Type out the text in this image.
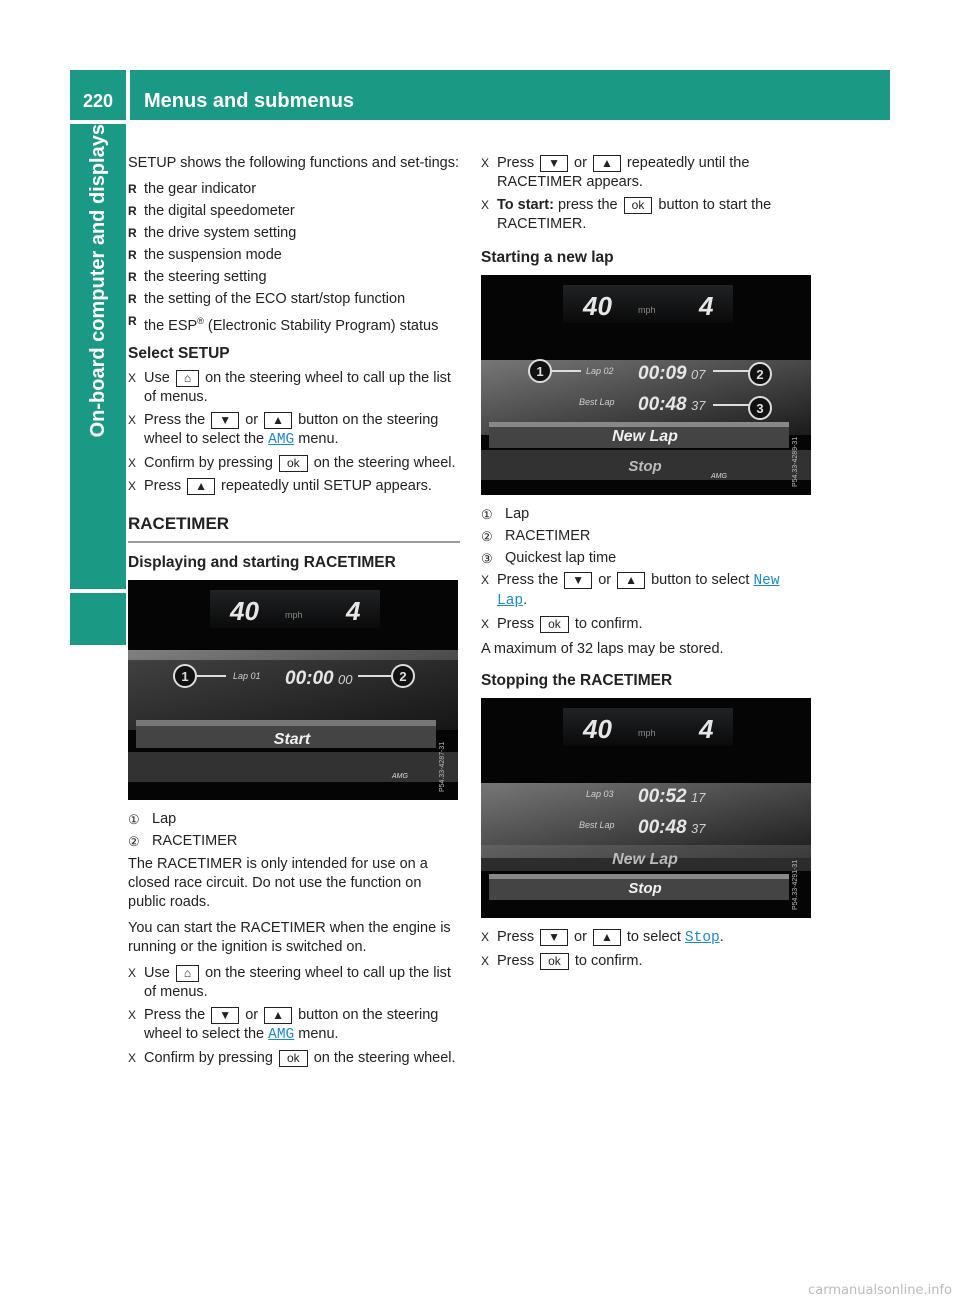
220	Menus and submenus
On-board computer and displays	SETUP shows the following functions and set-tings:

R the gear indicator
R the digital speedometer
R the drive system setting
R the suspension mode
R the steering setting
R the setting of the ECO start/stop function
R the ESP® (Electronic Stability Program) status
Select SETUP
X Use ⌂ on the steering wheel to call up the list of menus.
X Press the ▼ or ▲ button on the steering wheel to select the AMG menu.
X Confirm by pressing ok on the steering wheel.
X Press ▲ repeatedly until SETUP appears.
RACETIMER
Displaying and starting RACETIMER
40	mph 4
1	2
Lap 01 00:00 00
Start
AMG	P54.33-4287-31
① Lap
② RACETIMER

The RACETIMER is only intended for use on a closed race circuit. Do not use the function on public roads.

You can start the RACETIMER when the engine is running or the ignition is switched on.

X Use ⌂ on the steering wheel to call up the list of menus.
X Press the ▼ or ▲ button on the steering wheel to select the AMG menu.
X Confirm by pressing ok on the steering wheel.
X Press ▼ or ▲ repeatedly until the RACETIMER appears.
X To start: press the ok button to start the RACETIMER.
Starting a new lap
40	mph 4
1	2
3
Lap 02 00:09 07
Best Lap 00:48 37
New Lap
Stop
AMG	P54.33-4289-31
① Lap
② RACETIMER
③ Quickest lap time
X Press the ▼ or ▲ button to select New Lap.
X Press ok to confirm.

A maximum of 32 laps may be stored.

Stopping the RACETIMER
40	mph 4
Lap 03 00:52 17
Best Lap 00:48 37
New Lap
Stop	P54.33-4291-31
X Press ▼ or ▲ to select Stop.
X Press ok to confirm.
carmanualsonline.info
